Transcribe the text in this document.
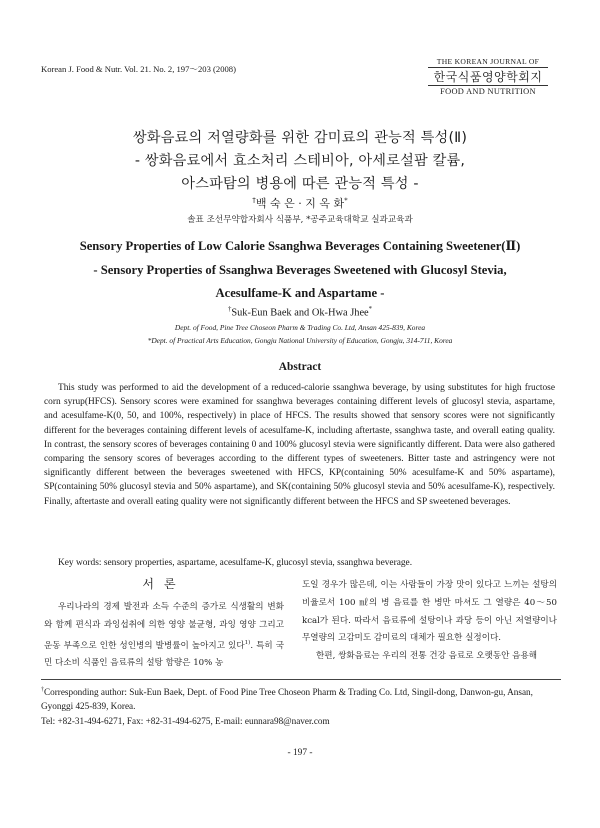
Korean J. Food & Nutr. Vol. 21. No. 2, 197～203 (2008)
THE KOREAN JOURNAL OF
한국식품영양학회지
FOOD AND NUTRITION
쌍화음료의 저열량화를 위한 감미료의 관능적 특성(Ⅱ)
- 쌍화음료에서 효소처리 스테비아, 아세로설팜 칼륨,
아스파탐의 병용에 따른 관능적 특성 -
†백 숙 은 · 지 옥 화*
솔표 조선무약합자회사 식품부, *공주교육대학교 실과교육과
Sensory Properties of Low Calorie Ssanghwa Beverages Containing Sweetener(Ⅱ)
- Sensory Properties of Ssanghwa Beverages Sweetened with Glucosyl Stevia,
Acesulfame-K and Aspartame -
†Suk-Eun Baek and Ok-Hwa Jhee*
Dept. of Food, Pine Tree Choseon Pharm & Trading Co. Ltd, Ansan 425-839, Korea
*Dept. of Practical Arts Education, Gongju National University of Education, Gongju, 314-711, Korea
Abstract

This study was performed to aid the development of a reduced-calorie ssanghwa beverage, by using substitutes for high fructose corn syrup(HFCS). Sensory scores were examined for ssanghwa beverages containing different levels of glucosyl stevia, aspartame, and acesulfame-K(0, 50, and 100%, respectively) in place of HFCS. The results showed that sensory scores were not significantly different for the beverages containing different levels of acesulfame-K, including aftertaste, ssanghwa taste, and overall eating quality. In contrast, the sensory scores of beverages containing 0 and 100% glucosyl stevia were significantly different. Data were also gathered comparing the sensory scores of beverages according to the different types of sweeteners. Bitter taste and astringency were not significantly different between the beverages sweetened with HFCS, KP(containing 50% acesulfame-K and 50% aspartame), SP(containing 50% glucosyl stevia and 50% aspartame), and SK(containing 50% glucosyl stevia and 50% acesulfame-K), respectively. Finally, aftertaste and overall eating quality were not significantly different between the HFCS and SP sweetened beverages.

Key words: sensory properties, aspartame, acesulfame-K, glucosyl stevia, ssanghwa beverage.
서론

우리나라의 경제 발전과 소득 수준의 증가로 식생활의 변화와 함께 편식과 과잉섭취에 의한 영양 불균형, 과잉 영양 그리고 운동 부족으로 인한 성인병의 발병률이 높아지고 있다$^{1)}$. 특히 국민 다소비 식품인 음료류의 설탕 함량은 10% 농

도일 경우가 많은데, 이는 사람들이 가장 맛이 있다고 느끼는 설탕의 비율로서 100 ㎖의 병 음료를 한 병만 마셔도 그 열량은 40～50 kcal가 된다. 따라서 음료류에 설탕이나 과당 등이 아닌 저열량이나 무열량의 고감미도 감미료의 대체가 필요한 실정이다.

한편, 쌍화음료는 우리의 전통 건강 음료로 오랫동안 음용해

†Corresponding author: Suk-Eun Baek, Dept. of Food Pine Tree Choseon Pharm & Trading Co. Ltd, Singil-dong, Danwon-gu, Ansan, Gyonggi 425-839, Korea.
Tel: +82-31-494-6271, Fax: +82-31-494-6275, E-mail: eunnara98@naver.com
- 197 -
